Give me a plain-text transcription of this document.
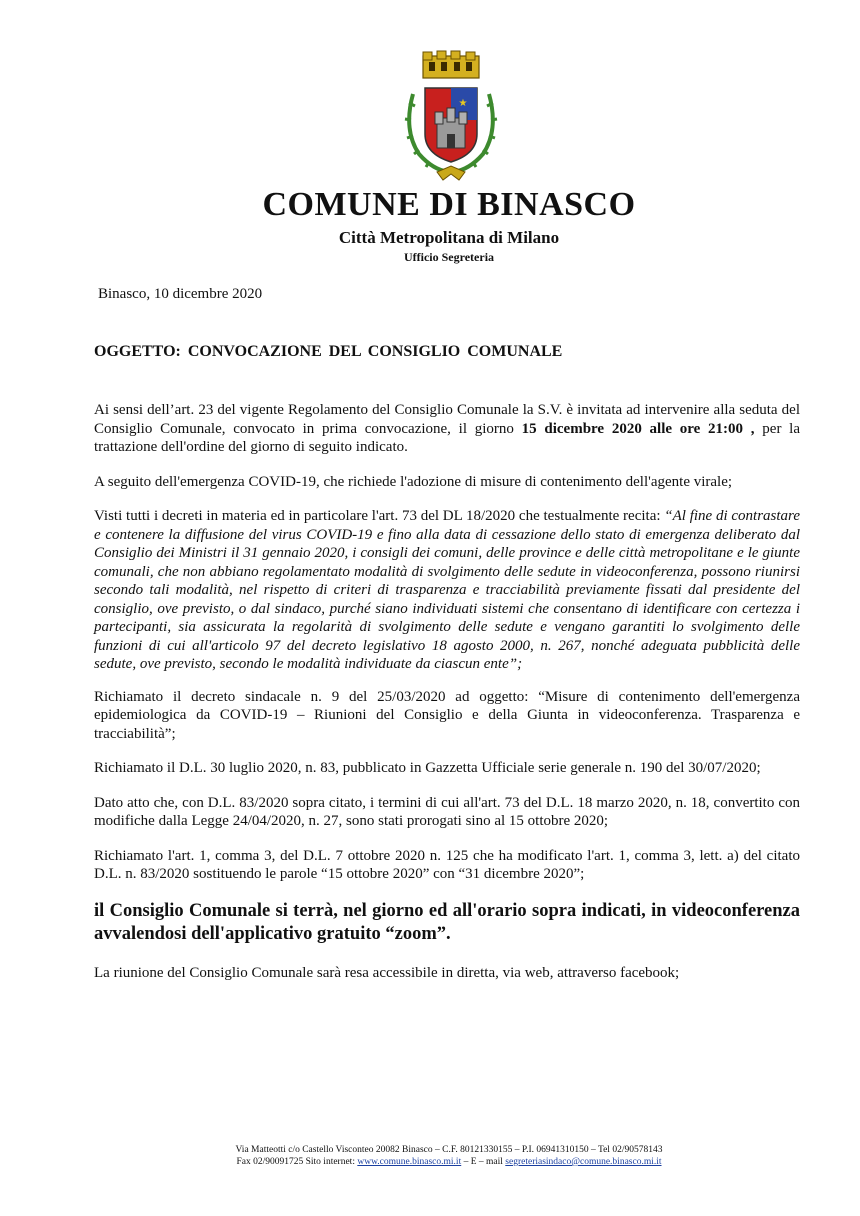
★
COMUNE DI BINASCO
Città Metropolitana di Milano
Ufficio Segreteria
Binasco, 10 dicembre 2020
OGGETTO: CONVOCAZIONE DEL CONSIGLIO COMUNALE

Ai sensi dell’art. 23 del vigente Regolamento del Consiglio Comunale la S.V. è invitata ad intervenire alla seduta del Consiglio Comunale, convocato in prima convocazione, il giorno 15 dicembre 2020 alle ore 21:00 , per la trattazione dell'ordine del giorno di seguito indicato.

A seguito dell'emergenza COVID-19, che richiede l'adozione di misure di contenimento dell'agente virale;

Visti tutti i decreti in materia ed in particolare l'art. 73 del DL 18/2020 che testualmente recita: “Al fine di contrastare e contenere la diffusione del virus COVID-19 e fino alla data di cessazione dello stato di emergenza deliberato dal Consiglio dei Ministri il 31 gennaio 2020, i consigli dei comuni, delle province e delle città metropolitane e le giunte comunali, che non abbiano regolamentato modalità di svolgimento delle sedute in videoconferenza, possono riunirsi secondo tali modalità, nel rispetto di criteri di trasparenza e tracciabilità previamente fissati dal presidente del consiglio, ove previsto, o dal sindaco, purché siano individuati sistemi che consentano di identificare con certezza i partecipanti, sia assicurata la regolarità di svolgimento delle sedute e vengano garantiti lo svolgimento delle funzioni di cui all'articolo 97 del decreto legislativo 18 agosto 2000, n. 267, nonché adeguata pubblicità delle sedute, ove previsto, secondo le modalità individuate da ciascun ente”;

Richiamato il decreto sindacale n. 9 del 25/03/2020 ad oggetto: “Misure di contenimento dell'emergenza epidemiologica da COVID-19 – Riunioni del Consiglio e della Giunta in videoconferenza. Trasparenza e tracciabilità”;

Richiamato il D.L. 30 luglio 2020, n. 83, pubblicato in Gazzetta Ufficiale serie generale n. 190 del 30/07/2020;

Dato atto che, con D.L. 83/2020 sopra citato, i termini di cui all'art. 73 del D.L. 18 marzo 2020, n. 18, convertito con modifiche dalla Legge 24/04/2020, n. 27, sono stati prorogati sino al 15 ottobre 2020;

Richiamato l'art. 1, comma 3, del D.L. 7 ottobre 2020 n. 125 che ha modificato l'art. 1, comma 3, lett. a) del citato D.L. n. 83/2020 sostituendo le parole “15 ottobre 2020” con “31 dicembre 2020”;

il Consiglio Comunale si terrà, nel giorno ed all'orario sopra indicati, in videoconferenza avvalendosi dell'applicativo gratuito “zoom”.

La riunione del Consiglio Comunale sarà resa accessibile in diretta, via web, attraverso facebook;

Via Matteotti c/o Castello Visconteo 20082 Binasco – C.F. 80121330155 – P.I. 06941310150 – Tel 02/90578143
Fax 02/90091725 Sito internet: www.comune.binasco.mi.it – E – mail segreteriasindaco@comune.binasco.mi.it
